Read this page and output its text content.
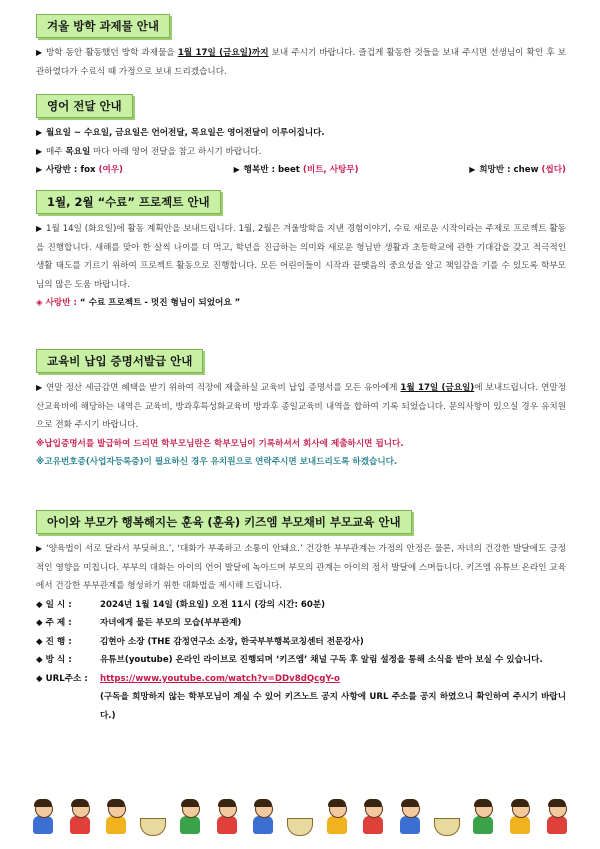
겨울 방학 과제물 안내
▶ 방학 동안 활동했던 방학 과제물을 1월 17일 (금요일)까지 보내 주시기 바랍니다. 즐겁게 활동한 것들을 보내 주시면 선생님이 확인 후 보관하였다가 수료식 때 가정으로 보내 드리겠습니다.
영어 전달 안내
▶ 월요일 ~ 수요일, 금요일은 언어전달, 목요일은 영어전달이 이루어집니다.
▶ 매주 목요일 마다 아래 영어 전달을 참고 하시기 바랍니다.
▶ 사랑반 : fox (여우)	▶ 행복반 : beet (비트, 사탕무)	▶ 희망반 : chew (씹다)
1월, 2월 “수료” 프로젝트 안내
▶ 1월 14일 (화요일)에 활동 계획안을 보내드립니다. 1월, 2월은 겨울방학을 지낸 경험이야기, 수료 새로운 시작이라는 주제로 프로젝트 활동을 진행합니다. 새해를 맞아 한 살씩 나이를 더 먹고, 학년을 진급하는 의미와 새로운 형님반 생활과 초등학교에 관한 기대감을 갖고 적극적인 생활 태도를 기르기 위하여 프로젝트 활동으로 진행합니다. 모든 어린이들이 시작과 끝맺음의 중요성을 알고 책임감을 기를 수 있도록 학부모님의 많은 도움 바랍니다.
◈ 사랑반 : “ 수료 프로젝트 - 멋진 형님이 되었어요 ”
교육비 납입 증명서발급 안내
▶ 연말 정산 세금감면 혜택을 받기 위하여 직장에 제출하실 교육비 납입 증명서를 모든 유아에게 1월 17일 (금요일)에 보내드립니다. 연말정산교육비에 해당하는 내역은 교육비, 방과후특성화교육비 방과후 종일교육비 내역을 합하여 기록 되었습니다. 문의사항이 있으실 경우 유치원으로 전화 주시기 바랍니다.
※납입증명서를 발급하여 드리면 학부모님란은 학부모님이 기록하셔서 회사에 제출하시면 됩니다.
※고유번호증(사업자등록증)이 필요하신 경우 유치원으로 연락주시면 보내드리도록 하겠습니다.
아이와 부모가 행복해지는 훈육 (훈육) 키즈엠 부모채비 부모교육 안내
▶ ‘양육법이 서로 달라서 부딪혀요.’, ‘대화가 부족하고 소통이 안돼요.’ 건강한 부부관계는 가정의 안정은 물론, 자녀의 건강한 발달에도 긍정적인 영향을 미칩니다. 부부의 대화는 아이의 언어 발달에 녹아드며 부모의 관계는 아이의 정서 발달에 스며듭니다. 키즈엠 유튜브 온라인 교육에서 건강한 부부관계를 형성하기 위한 대화법을 제시해 드립니다.
◆ 일 시 :	2024년 1월 14일 (화요일) 오전 11시 (강의 시간: 60분)
◆ 주 제 :	자녀에게 물든 부모의 모습(부부관계)
◆ 진 행 :	김현아 소장 (THE 감정연구소 소장, 한국부부행복코칭센터 전문강사)
◆ 방 식 :	유튜브(youtube) 온라인 라이브로 진행되며 ‘키즈엠’ 채널 구독 후 알림 설정을 통해 소식을 받아 보실 수 있습니다.
◆ URL주소 :	https://www.youtube.com/watch?v=DDv8dQcgY-o
(구독을 희망하지 않는 학부모님이 계실 수 있어 키즈노트 공지 사항에 URL 주소를 공지 하였으니 확인하여 주시기 바랍니다.)
